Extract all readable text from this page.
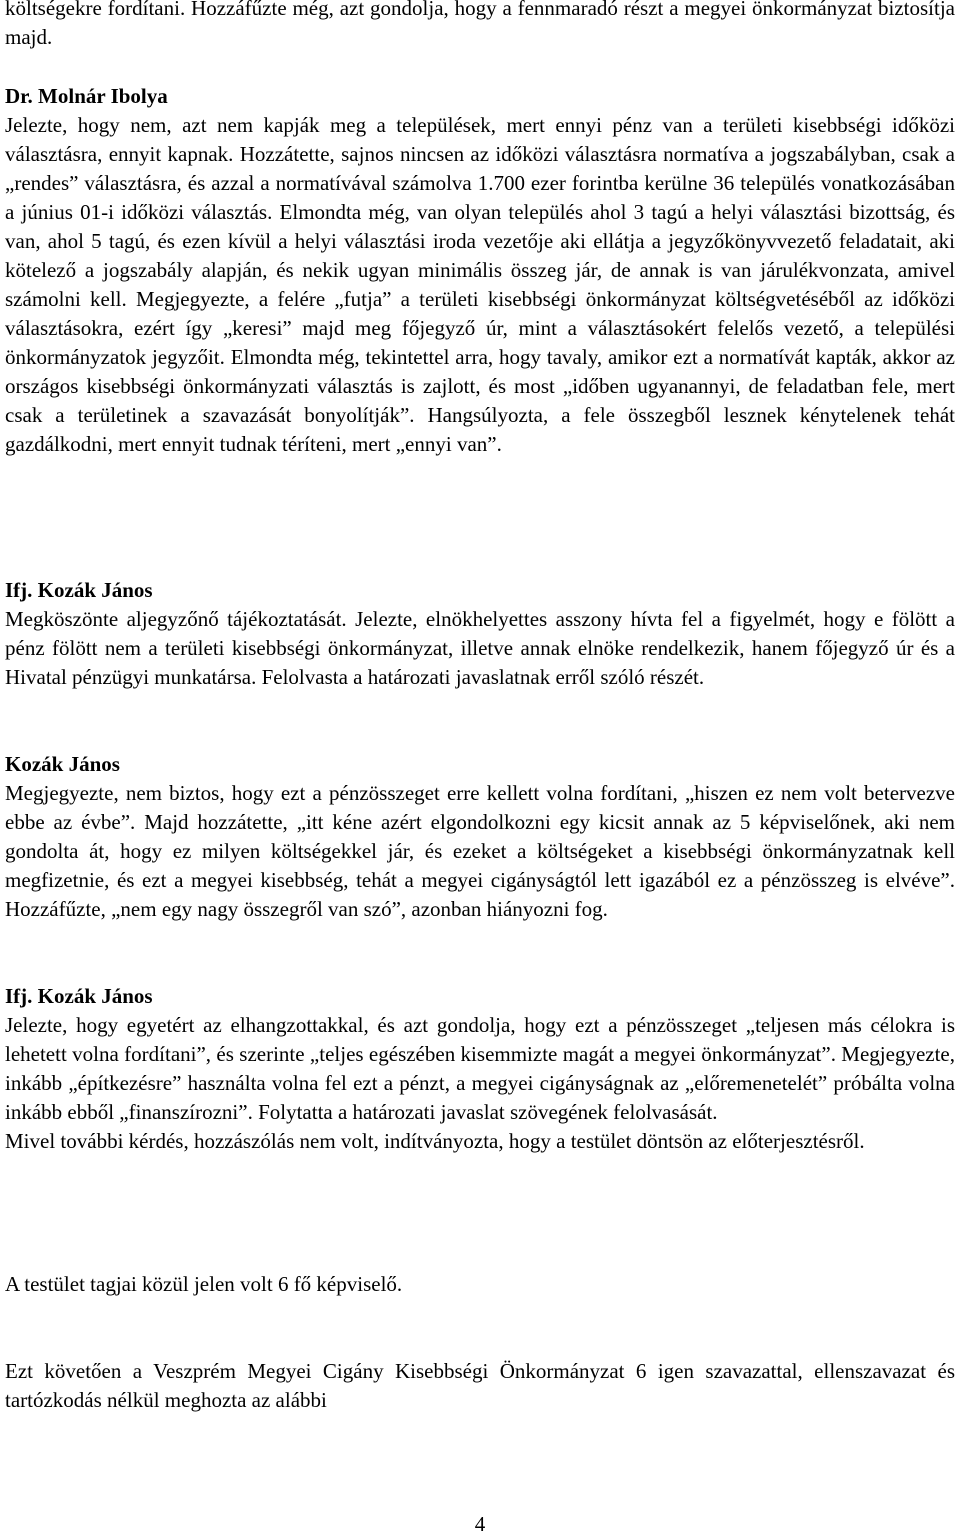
költségekre fordítani. Hozzáfűzte még, azt gondolja, hogy a fennmaradó részt a megyei önkormányzat biztosítja majd.
Dr. Molnár Ibolya
Jelezte, hogy nem, azt nem kapják meg a települések, mert ennyi pénz van a területi kisebbségi időközi választásra, ennyit kapnak. Hozzátette, sajnos nincsen az időközi választásra normatíva a jogszabályban, csak a „rendes” választásra, és azzal a normatívával számolva 1.700 ezer forintba kerülne 36 település vonatkozásában a június 01-i időközi választás. Elmondta még, van olyan település ahol 3 tagú a helyi választási bizottság, és van, ahol 5 tagú, és ezen kívül a helyi választási iroda vezetője aki ellátja a jegyzőkönyvvezető feladatait, aki kötelező a jogszabály alapján, és nekik ugyan minimális összeg jár, de annak is van járulékvonzata, amivel számolni kell. Megjegyezte, a felére „futja” a területi kisebbségi önkormányzat költségvetéséből az időközi választásokra, ezért így „keresi” majd meg főjegyző úr, mint a választásokért felelős vezető, a települési önkormányzatok jegyzőit. Elmondta még, tekintettel arra, hogy tavaly, amikor ezt a normatívát kapták, akkor az országos kisebbségi önkormányzati választás is zajlott, és most „időben ugyanannyi, de feladatban fele, mert csak a területinek a szavazását bonyolítják”. Hangsúlyozta, a fele összegből lesznek kénytelenek tehát gazdálkodni, mert ennyit tudnak téríteni, mert „ennyi van”.
Ifj. Kozák János
Megköszönte aljegyzőnő tájékoztatását. Jelezte, elnökhelyettes asszony hívta fel a figyelmét, hogy e fölött a pénz fölött nem a területi kisebbségi önkormányzat, illetve annak elnöke rendelkezik, hanem főjegyző úr és a Hivatal pénzügyi munkatársa. Felolvasta a határozati javaslatnak erről szóló részét.
Kozák János
Megjegyezte, nem biztos, hogy ezt a pénzösszeget erre kellett volna fordítani, „hiszen ez nem volt betervezve ebbe az évbe”. Majd hozzátette, „itt kéne azért elgondolkozni egy kicsit annak az 5 képviselőnek, aki nem gondolta át, hogy ez milyen költségekkel jár, és ezeket a költségeket a kisebbségi önkormányzatnak kell megfizetnie, és ezt a megyei kisebbség, tehát a megyei cigányságtól lett igazából ez a pénzösszeg is elvéve”. Hozzáfűzte, „nem egy nagy összegről van szó”, azonban hiányozni fog.
Ifj. Kozák János
Jelezte, hogy egyetért az elhangzottakkal, és azt gondolja, hogy ezt a pénzösszeget „teljesen más célokra is lehetett volna fordítani”, és szerinte „teljes egészében kisemmizte magát a megyei önkormányzat”. Megjegyezte, inkább „építkezésre” használta volna fel ezt a pénzt, a megyei cigányságnak az „előremenetelét” próbálta volna inkább ebből „finanszírozni”. Folytatta a határozati javaslat szövegének felolvasását.
Mivel további kérdés, hozzászólás nem volt, indítványozta, hogy a testület döntsön az előterjesztésről.
A testület tagjai közül jelen volt 6 fő képviselő.
Ezt követően a Veszprém Megyei Cigány Kisebbségi Önkormányzat 6 igen szavazattal, ellenszavazat és tartózkodás nélkül meghozta az alábbi
4
